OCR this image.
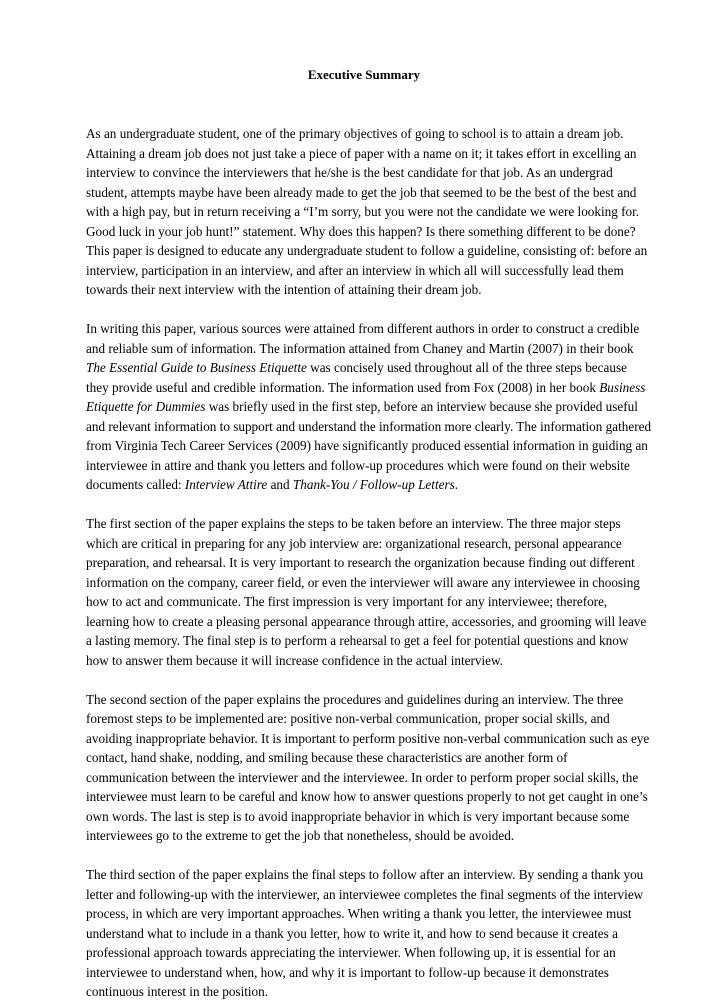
Executive Summary

As an undergraduate student, one of the primary objectives of going to school is to attain a dream job. Attaining a dream job does not just take a piece of paper with a name on it; it takes effort in excelling an interview to convince the interviewers that he/she is the best candidate for that job. As an undergrad student, attempts maybe have been already made to get the job that seemed to be the best of the best and with a high pay, but in return receiving a “I’m sorry, but you were not the candidate we were looking for. Good luck in your job hunt!” statement. Why does this happen? Is there something different to be done? This paper is designed to educate any undergraduate student to follow a guideline, consisting of: before an interview, participation in an interview, and after an interview in which all will successfully lead them towards their next interview with the intention of attaining their dream job.

In writing this paper, various sources were attained from different authors in order to construct a credible and reliable sum of information. The information attained from Chaney and Martin (2007) in their book The Essential Guide to Business Etiquette was concisely used throughout all of the three steps because they provide useful and credible information. The information used from Fox (2008) in her book Business Etiquette for Dummies was briefly used in the first step, before an interview because she provided useful and relevant information to support and understand the information more clearly. The information gathered from Virginia Tech Career Services (2009) have significantly produced essential information in guiding an interviewee in attire and thank you letters and follow-up procedures which were found on their website documents called: Interview Attire and Thank-You / Follow-up Letters.

The first section of the paper explains the steps to be taken before an interview. The three major steps which are critical in preparing for any job interview are: organizational research, personal appearance preparation, and rehearsal. It is very important to research the organization because finding out different information on the company, career field, or even the interviewer will aware any interviewee in choosing how to act and communicate. The first impression is very important for any interviewee; therefore, learning how to create a pleasing personal appearance through attire, accessories, and grooming will leave a lasting memory. The final step is to perform a rehearsal to get a feel for potential questions and know how to answer them because it will increase confidence in the actual interview.

The second section of the paper explains the procedures and guidelines during an interview. The three foremost steps to be implemented are: positive non-verbal communication, proper social skills, and avoiding inappropriate behavior. It is important to perform positive non-verbal communication such as eye contact, hand shake, nodding, and smiling because these characteristics are another form of communication between the interviewer and the interviewee. In order to perform proper social skills, the interviewee must learn to be careful and know how to answer questions properly to not get caught in one’s own words. The last is step is to avoid inappropriate behavior in which is very important because some interviewees go to the extreme to get the job that nonetheless, should be avoided.

The third section of the paper explains the final steps to follow after an interview. By sending a thank you letter and following-up with the interviewer, an interviewee completes the final segments of the interview process, in which are very important approaches. When writing a thank you letter, the interviewee must understand what to include in a thank you letter, how to write it, and how to send because it creates a professional approach towards appreciating the interviewer. When following up, it is essential for an interviewee to understand when, how, and why it is important to follow-up because it demonstrates continuous interest in the position.
